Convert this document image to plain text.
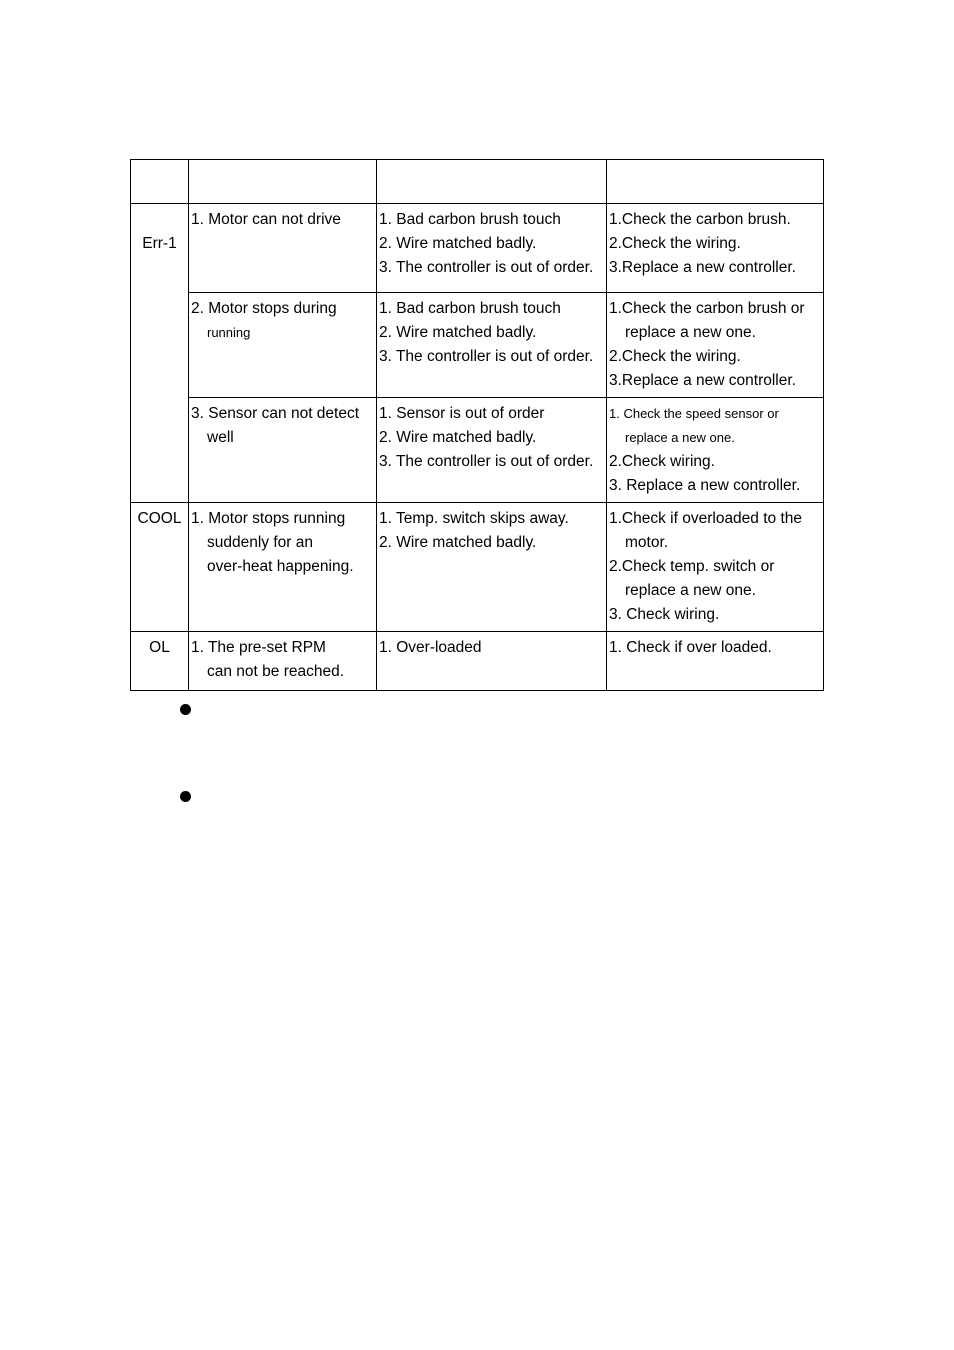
Err-1	1. Motor can not drive	1. Bad carbon brush touch
2. Wire matched badly.
3. The controller is out of order.	1.Check the carbon brush.
2.Check the wiring.
3.Replace a new controller.

	2. Motor stops during
running	1. Bad carbon brush touch
2. Wire matched badly.
3. The controller is out of order.	1.Check the carbon brush or
replace a new one.
2.Check the wiring.
3.Replace a new controller.

	3. Sensor can not detect
well	1. Sensor is out of order
2. Wire matched badly.
3. The controller is out of order.	1. Check the speed sensor or
replace a new one.
2.Check wiring.
3. Replace a new controller.

COOL	1. Motor stops running
suddenly for an
over-heat happening.	1. Temp. switch skips away.
2. Wire matched badly.	1.Check if overloaded to the
motor.
2.Check temp. switch or
replace a new one.
3. Check wiring.

OL	1. The pre-set RPM
can not be reached.	1. Over-loaded	1. Check if over loaded.
